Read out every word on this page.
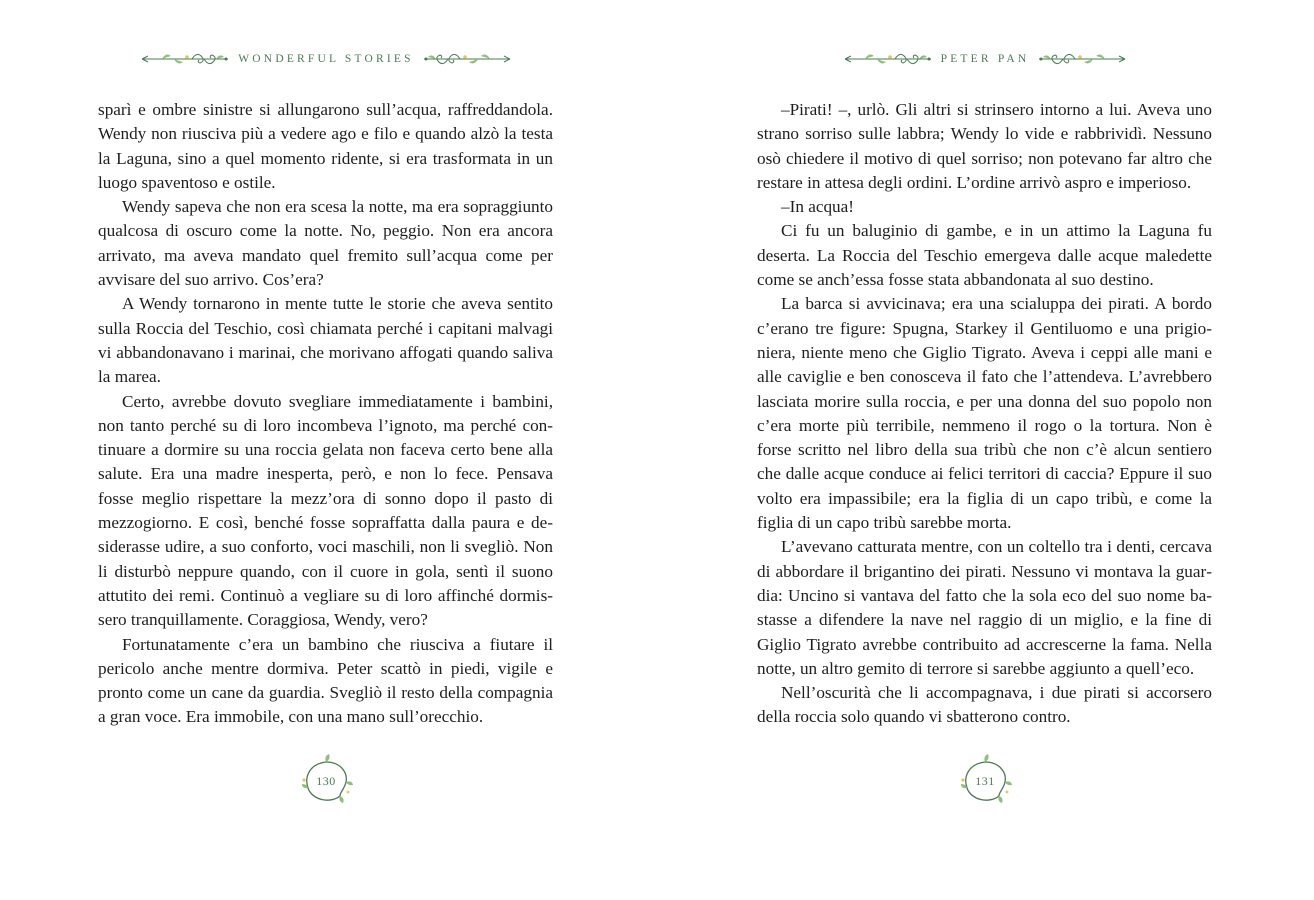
WONDERFUL STORIES

sparì e ombre sinistre si allungarono sull’acqua, raffreddandola. Wendy non riusciva più a vedere ago e filo e quando alzò la testa la Laguna, sino a quel momento ridente, si era trasformata in un luogo spaventoso e ostile.

Wendy sapeva che non era scesa la notte, ma era sopraggiunto qualcosa di oscuro come la notte. No, peggio. Non era ancora arrivato, ma aveva mandato quel fremito sull’acqua come per avvisare del suo arrivo. Cos’era?

A Wendy tornarono in mente tutte le storie che aveva sentito sulla Roccia del Teschio, così chiamata perché i capitani malvagi vi abbandonavano i marinai, che morivano affogati quando saliva la marea.

Certo, avrebbe dovuto svegliare immediatamente i bambini, non tanto perché su di loro incombeva l’ignoto, ma perché continuare a dormire su una roccia gelata non faceva certo bene alla salute. Era una madre inesperta, però, e non lo fece. Pensava fosse meglio rispettare la mezz’ora di sonno dopo il pasto di mezzogiorno. E così, benché fosse sopraffatta dalla paura e desiderasse udire, a suo conforto, voci maschili, non li svegliò. Non li disturbò neppure quando, con il cuore in gola, sentì il suono attutito dei remi. Continuò a vegliare su di loro affinché dormissero tranquillamente. Coraggiosa, Wendy, vero?

Fortunatamente c’era un bambino che riusciva a fiutare il pericolo anche mentre dormiva. Peter scattò in piedi, vigile e pronto come un cane da guardia. Svegliò il resto della compagnia a gran voce. Era immobile, con una mano sull’orecchio.

130
PETER PAN

–Pirati! –, urlò. Gli altri si strinsero intorno a lui. Aveva uno strano sorriso sulle labbra; Wendy lo vide e rabbrividì. Nessuno osò chiedere il motivo di quel sorriso; non potevano far altro che restare in attesa degli ordini. L’ordine arrivò aspro e imperioso.

–In acqua!

Ci fu un baluginio di gambe, e in un attimo la Laguna fu deserta. La Roccia del Teschio emergeva dalle acque maledette come se anch’essa fosse stata abbandonata al suo destino.

La barca si avvicinava; era una scialuppa dei pirati. A bordo c’erano tre figure: Spugna, Starkey il Gentiluomo e una prigioniera, niente meno che Giglio Tigrato. Aveva i ceppi alle mani e alle caviglie e ben conosceva il fato che l’attendeva. L’avrebbero lasciata morire sulla roccia, e per una donna del suo popolo non c’era morte più terribile, nemmeno il rogo o la tortura. Non è forse scritto nel libro della sua tribù che non c’è alcun sentiero che dalle acque conduce ai felici territori di caccia? Eppure il suo volto era impassibile; era la figlia di un capo tribù, e come la figlia di un capo tribù sarebbe morta.

L’avevano catturata mentre, con un coltello tra i denti, cercava di abbordare il brigantino dei pirati. Nessuno vi montava la guardia: Uncino si vantava del fatto che la sola eco del suo nome bastasse a difendere la nave nel raggio di un miglio, e la fine di Giglio Tigrato avrebbe contribuito ad accrescerne la fama. Nella notte, un altro gemito di terrore si sarebbe aggiunto a quell’eco.

Nell’oscurità che li accompagnava, i due pirati si accorsero della roccia solo quando vi sbatterono contro.

131
